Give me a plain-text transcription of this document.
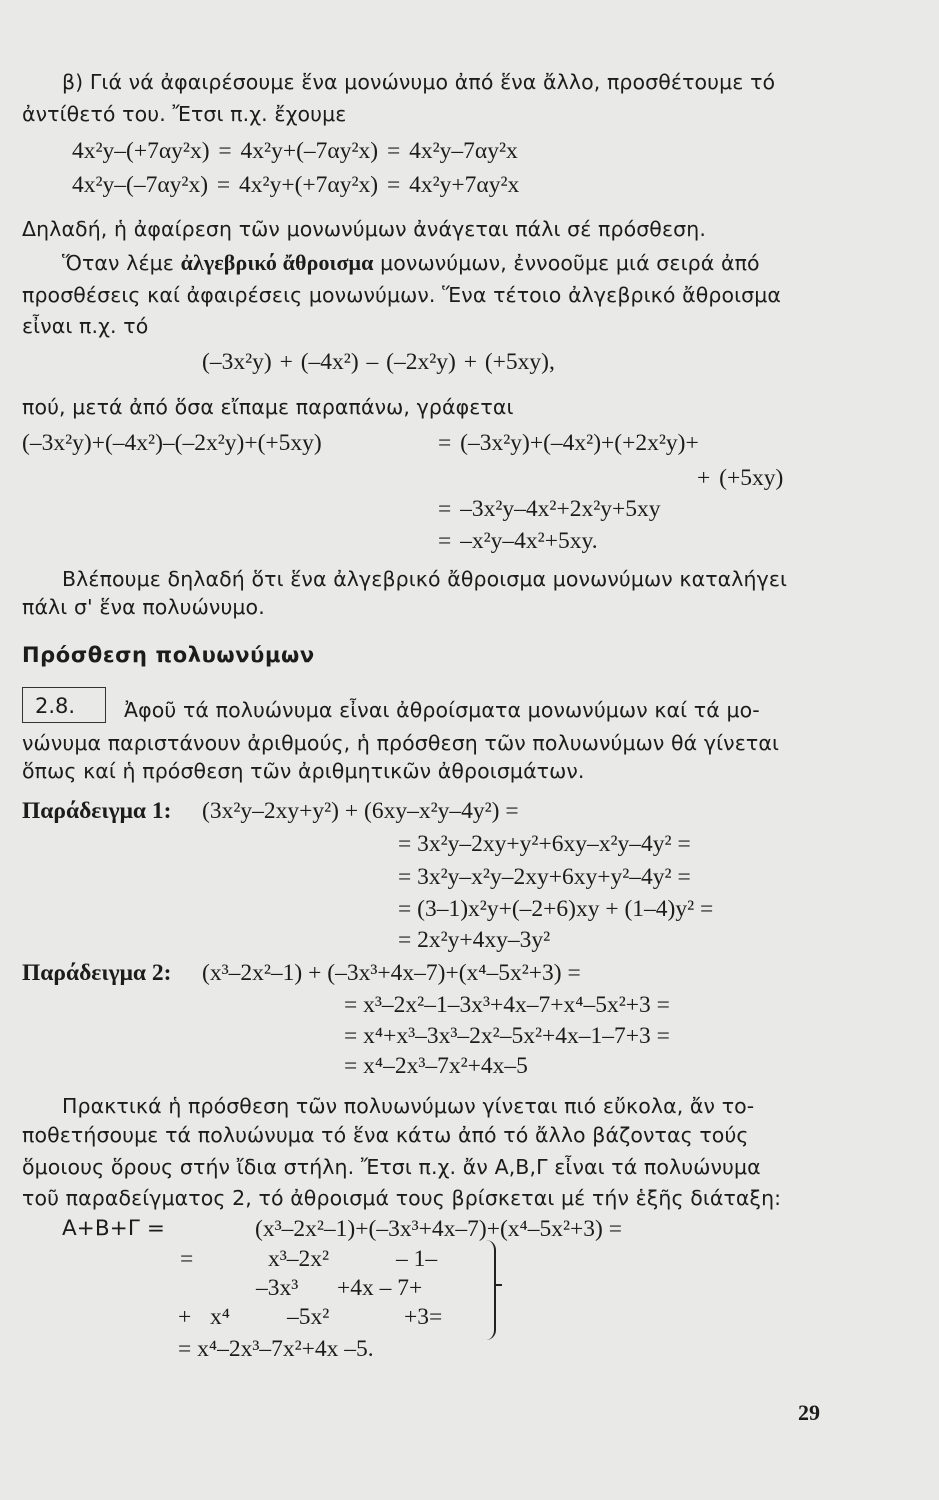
β) Γιά νά ἀφαιρέσουμε ἕνα μονώνυμο ἀπό ἕνα ἄλλο, προσθέτουμε τό
ἀντίθετό του. Ἔτσι π.χ. ἔχουμε
4x²y–(+7αy²x) = 4x²y+(–7αy²x) = 4x²y–7αy²x
4x²y–(–7αy²x) = 4x²y+(+7αy²x) = 4x²y+7αy²x
Δηλαδή, ἡ ἀφαίρεση τῶν μονωνύμων ἀνάγεται πάλι σέ πρόσθεση.
Ὅταν λέμε ἀλγεβρικό ἄθροισμα μονωνύμων, ἐννοοῦμε μιά σειρά ἀπό
προσθέσεις καί ἀφαιρέσεις μονωνύμων. Ἕνα τέτοιο ἀλγεβρικό ἄθροισμα
εἶναι π.χ. τό
(–3x²y) + (–4x²) – (–2x²y) + (+5xy),
πού, μετά ἀπό ὅσα εἴπαμε παραπάνω, γράφεται
(–3x²y)+(–4x²)–(–2x²y)+(+5xy)	= (–3x²y)+(–4x²)+(+2x²y)+
+ (+5xy)
= –3x²y–4x²+2x²y+5xy
= –x²y–4x²+5xy.
Βλέπουμε δηλαδή ὅτι ἕνα ἀλγεβρικό ἄθροισμα μονωνύμων καταλήγει
πάλι σ' ἕνα πολυώνυμο.
Πρόσθεση πολυωνύμων
2.8. Ἀφοῦ τά πολυώνυμα εἶναι ἀθροίσματα μονωνύμων καί τά μο-
νώνυμα παριστάνουν ἀριθμούς, ἡ πρόσθεση τῶν πολυωνύμων θά γίνεται
ὅπως καί ἡ πρόσθεση τῶν ἀριθμητικῶν ἀθροισμάτων.
Παράδειγμα 1: (3x²y–2xy+y²) + (6xy–x²y–4y²) =
= 3x²y–2xy+y²+6xy–x²y–4y² =
= 3x²y–x²y–2xy+6xy+y²–4y² =
= (3–1)x²y+(–2+6)xy + (1–4)y² =
= 2x²y+4xy–3y²
Παράδειγμα 2: (x³–2x²–1) + (–3x³+4x–7)+(x⁴–5x²+3) =
= x³–2x²–1–3x³+4x–7+x⁴–5x²+3 =
= x⁴+x³–3x³–2x²–5x²+4x–1–7+3 =
= x⁴–2x³–7x²+4x–5
Πρακτικά ἡ πρόσθεση τῶν πολυωνύμων γίνεται πιό εὔκολα, ἄν το-
ποθετήσουμε τά πολυώνυμα τό ἕνα κάτω ἀπό τό ἄλλο βάζοντας τούς
ὅμοιους ὅρους στήν ἴδια στήλη. Ἔτσι π.χ. ἄν Α,Β,Γ εἶναι τά πολυώνυμα
τοῦ παραδείγματος 2, τό ἀθροισμά τους βρίσκεται μέ τήν ἑξῆς διάταξη:
Α+Β+Γ =	(x³–2x²–1)+(–3x³+4x–7)+(x⁴–5x²+3) =
=	x³–2x²	– 1–
–3x³ +4x – 7+
+ x⁴ –5x²	+3=
= x⁴–2x³–7x²+4x –5.
29
